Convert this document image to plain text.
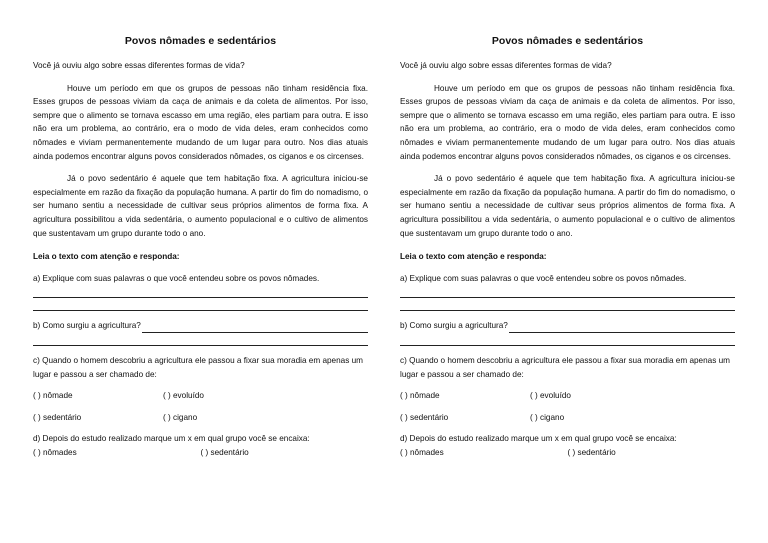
Povos nômades e sedentários
Você já ouviu algo sobre essas diferentes formas de vida?
Houve um período em que os grupos de pessoas não tinham residência fixa. Esses grupos de pessoas viviam da caça de animais e da coleta de alimentos. Por isso, sempre que o alimento se tornava escasso em uma região, eles partiam para outra. E isso não era um problema, ao contrário, era o modo de vida deles, eram conhecidos como nômades e viviam permanentemente mudando de um lugar para outro. Nos dias atuais ainda podemos encontrar alguns povos considerados nômades, os ciganos e os circenses.
Já o povo sedentário é aquele que tem habitação fixa. A agricultura iniciou-se especialmente em razão da fixação da população humana. A partir do fim do nomadismo, o ser humano sentiu a necessidade de cultivar seus próprios alimentos de forma fixa. A agricultura possibilitou a vida sedentária, o aumento populacional e o cultivo de alimentos que sustentavam um grupo durante todo o ano.
Leia o texto com atenção e responda:
a) Explique com suas palavras o que você entendeu sobre os povos nômades.
b) Como surgiu a agricultura?
c) Quando o homem descobriu a agricultura ele passou a fixar sua moradia em apenas um lugar e passou a ser chamado de:
( ) nômade	( ) evoluído
( ) sedentário	( ) cigano
d) Depois do estudo realizado marque um x em qual grupo você se encaixa:
( ) nômades	( ) sedentário
Povos nômades e sedentários
Você já ouviu algo sobre essas diferentes formas de vida?
Houve um período em que os grupos de pessoas não tinham residência fixa. Esses grupos de pessoas viviam da caça de animais e da coleta de alimentos. Por isso, sempre que o alimento se tornava escasso em uma região, eles partiam para outra. E isso não era um problema, ao contrário, era o modo de vida deles, eram conhecidos como nômades e viviam permanentemente mudando de um lugar para outro. Nos dias atuais ainda podemos encontrar alguns povos considerados nômades, os ciganos e os circenses.
Já o povo sedentário é aquele que tem habitação fixa. A agricultura iniciou-se especialmente em razão da fixação da população humana. A partir do fim do nomadismo, o ser humano sentiu a necessidade de cultivar seus próprios alimentos de forma fixa. A agricultura possibilitou a vida sedentária, o aumento populacional e o cultivo de alimentos que sustentavam um grupo durante todo o ano.
Leia o texto com atenção e responda:
a) Explique com suas palavras o que você entendeu sobre os povos nômades.
b) Como surgiu a agricultura?
c) Quando o homem descobriu a agricultura ele passou a fixar sua moradia em apenas um lugar e passou a ser chamado de:
( ) nômade	( ) evoluído
( ) sedentário	( ) cigano
d) Depois do estudo realizado marque um x em qual grupo você se encaixa:
( ) nômades	( ) sedentário
